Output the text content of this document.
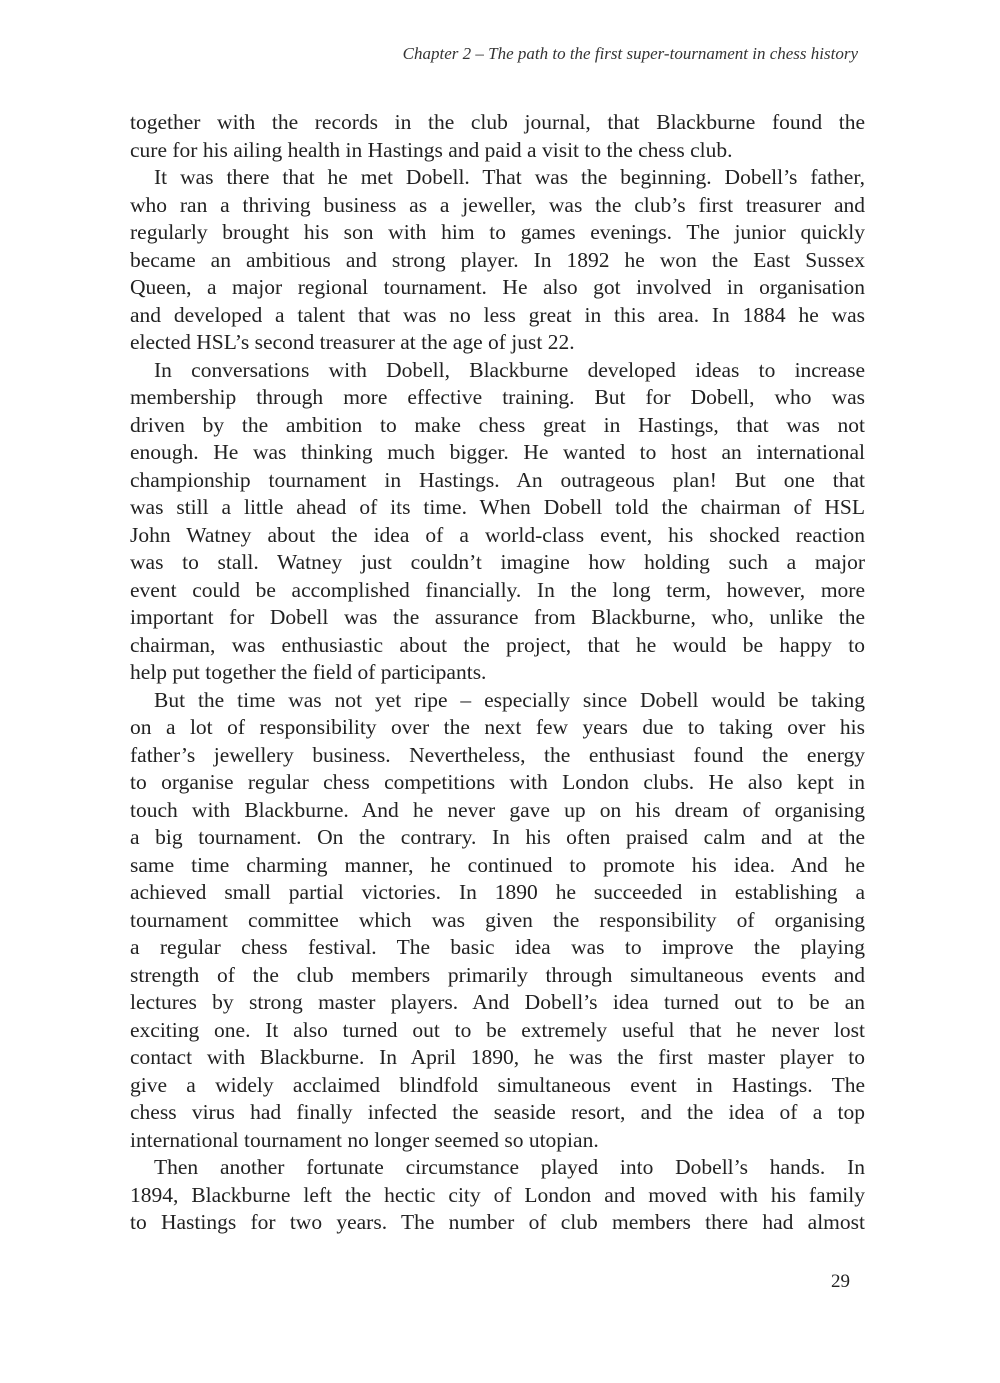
Chapter 2 – The path to the first super-tournament in chess history
together with the records in the club journal, that Blackburne found the
cure for his ailing health in Hastings and paid a visit to the chess club.
It was there that he met Dobell. That was the beginning. Dobell’s father,
who ran a thriving business as a jeweller, was the club’s first treasurer and
regularly brought his son with him to games evenings. The junior quickly
became an ambitious and strong player. In 1892 he won the East Sussex
Queen, a major regional tournament. He also got involved in organisation
and developed a talent that was no less great in this area. In 1884 he was
elected HSL’s second treasurer at the age of just 22.
In conversations with Dobell, Blackburne developed ideas to increase
membership through more effective training. But for Dobell, who was
driven by the ambition to make chess great in Hastings, that was not
enough. He was thinking much bigger. He wanted to host an international
championship tournament in Hastings. An outrageous plan! But one that
was still a little ahead of its time. When Dobell told the chairman of HSL
John Watney about the idea of a world-class event, his shocked reaction
was to stall. Watney just couldn’t imagine how holding such a major
event could be accomplished financially. In the long term, however, more
important for Dobell was the assurance from Blackburne, who, unlike the
chairman, was enthusiastic about the project, that he would be happy to
help put together the field of participants.
But the time was not yet ripe – especially since Dobell would be taking
on a lot of responsibility over the next few years due to taking over his
father’s jewellery business. Nevertheless, the enthusiast found the energy
to organise regular chess competitions with London clubs. He also kept in
touch with Blackburne. And he never gave up on his dream of organising
a big tournament. On the contrary. In his often praised calm and at the
same time charming manner, he continued to promote his idea. And he
achieved small partial victories. In 1890 he succeeded in establishing a
tournament committee which was given the responsibility of organising
a regular chess festival. The basic idea was to improve the playing
strength of the club members primarily through simultaneous events and
lectures by strong master players. And Dobell’s idea turned out to be an
exciting one. It also turned out to be extremely useful that he never lost
contact with Blackburne. In April 1890, he was the first master player to
give a widely acclaimed blindfold simultaneous event in Hastings. The
chess virus had finally infected the seaside resort, and the idea of a top
international tournament no longer seemed so utopian.
Then another fortunate circumstance played into Dobell’s hands. In
1894, Blackburne left the hectic city of London and moved with his family
to Hastings for two years. The number of club members there had almost
29
